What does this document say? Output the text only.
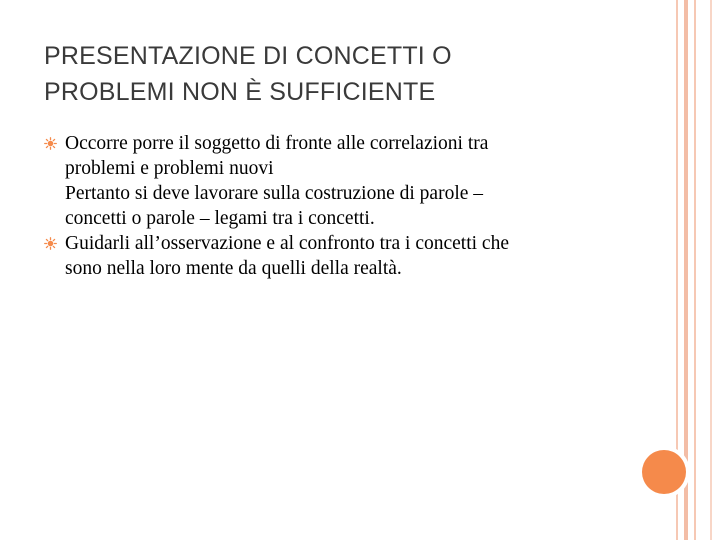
PRESENTAZIONE DI CONCETTI O
PROBLEMI NON È SUFFICIENTE
Occorre porre il soggetto di fronte alle correlazioni tra
problemi e problemi nuovi
Pertanto si deve lavorare sulla costruzione di parole –
concetti o parole – legami tra i concetti.
Guidarli all’osservazione e al confronto tra i concetti che
sono nella loro mente da quelli della realtà.
